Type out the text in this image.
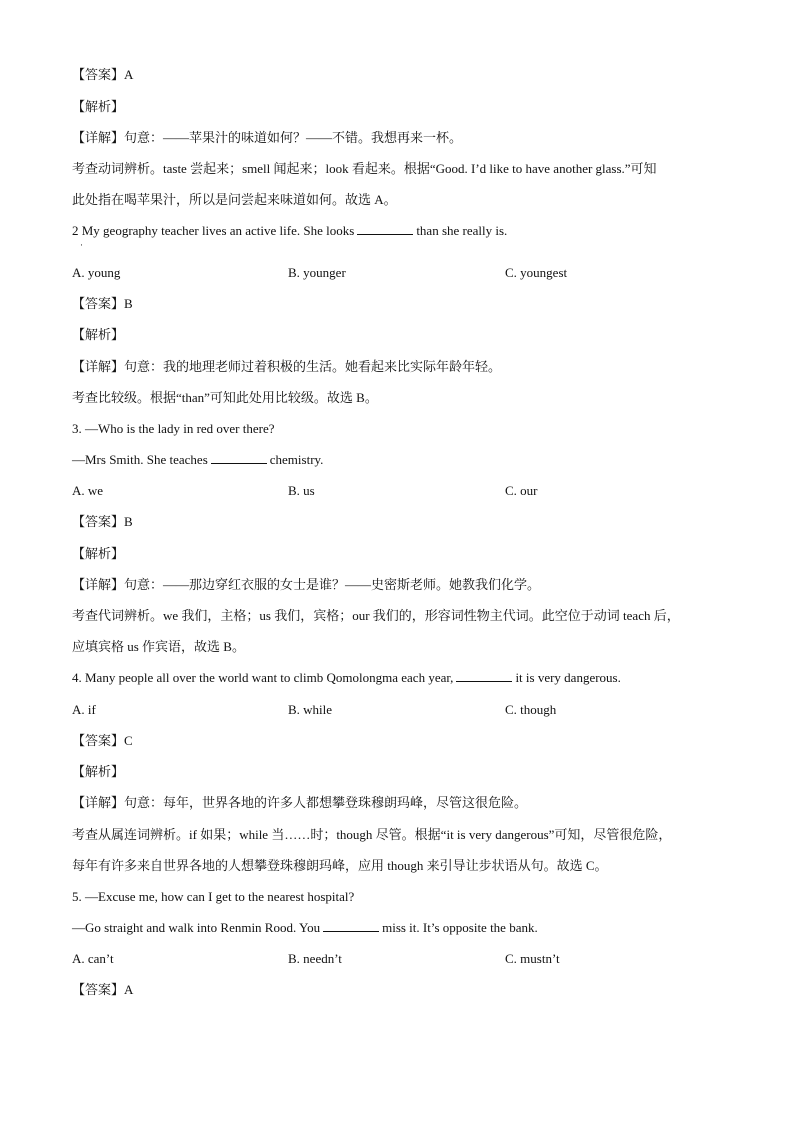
【答案】A
【解析】
【详解】句意：——苹果汁的味道如何？——不错。我想再来一杯。
考查动词辨析。taste 尝起来；smell 闻起来；look 看起来。根据“Good. I’d like to have another glass.”可知
此处指在喝苹果汁，所以是问尝起来味道如何。故选 A。
2 My geography teacher lives an active life. She looks	than she really is.
·
A. young	B. younger	C. youngest
【答案】B
【解析】
【详解】句意：我的地理老师过着积极的生活。她看起来比实际年龄年轻。
考查比较级。根据“than”可知此处用比较级。故选 B。
3. —Who is the lady in red over there?
—Mrs Smith. She teaches	chemistry.
A. we	B. us	C. our
【答案】B
【解析】
【详解】句意：——那边穿红衣服的女士是谁？——史密斯老师。她教我们化学。
考查代词辨析。we 我们，主格；us 我们，宾格；our 我们的，形容词性物主代词。此空位于动词 teach 后，
应填宾格 us 作宾语，故选 B。
4. Many people all over the world want to climb Qomolongma each year,	it is very dangerous.
A. if	B. while	C. though
【答案】C
【解析】
【详解】句意：每年，世界各地的许多人都想攀登珠穆朗玛峰，尽管这很危险。
考查从属连词辨析。if 如果；while 当……时；though 尽管。根据“it is very dangerous”可知，尽管很危险，
每年有许多来自世界各地的人想攀登珠穆朗玛峰，应用 though 来引导让步状语从句。故选 C。
5. —Excuse me, how can I get to the nearest hospital?
—Go straight and walk into Renmin Rood. You	miss it. It’s opposite the bank.
A. can’t	B. needn’t	C. mustn’t
【答案】A
